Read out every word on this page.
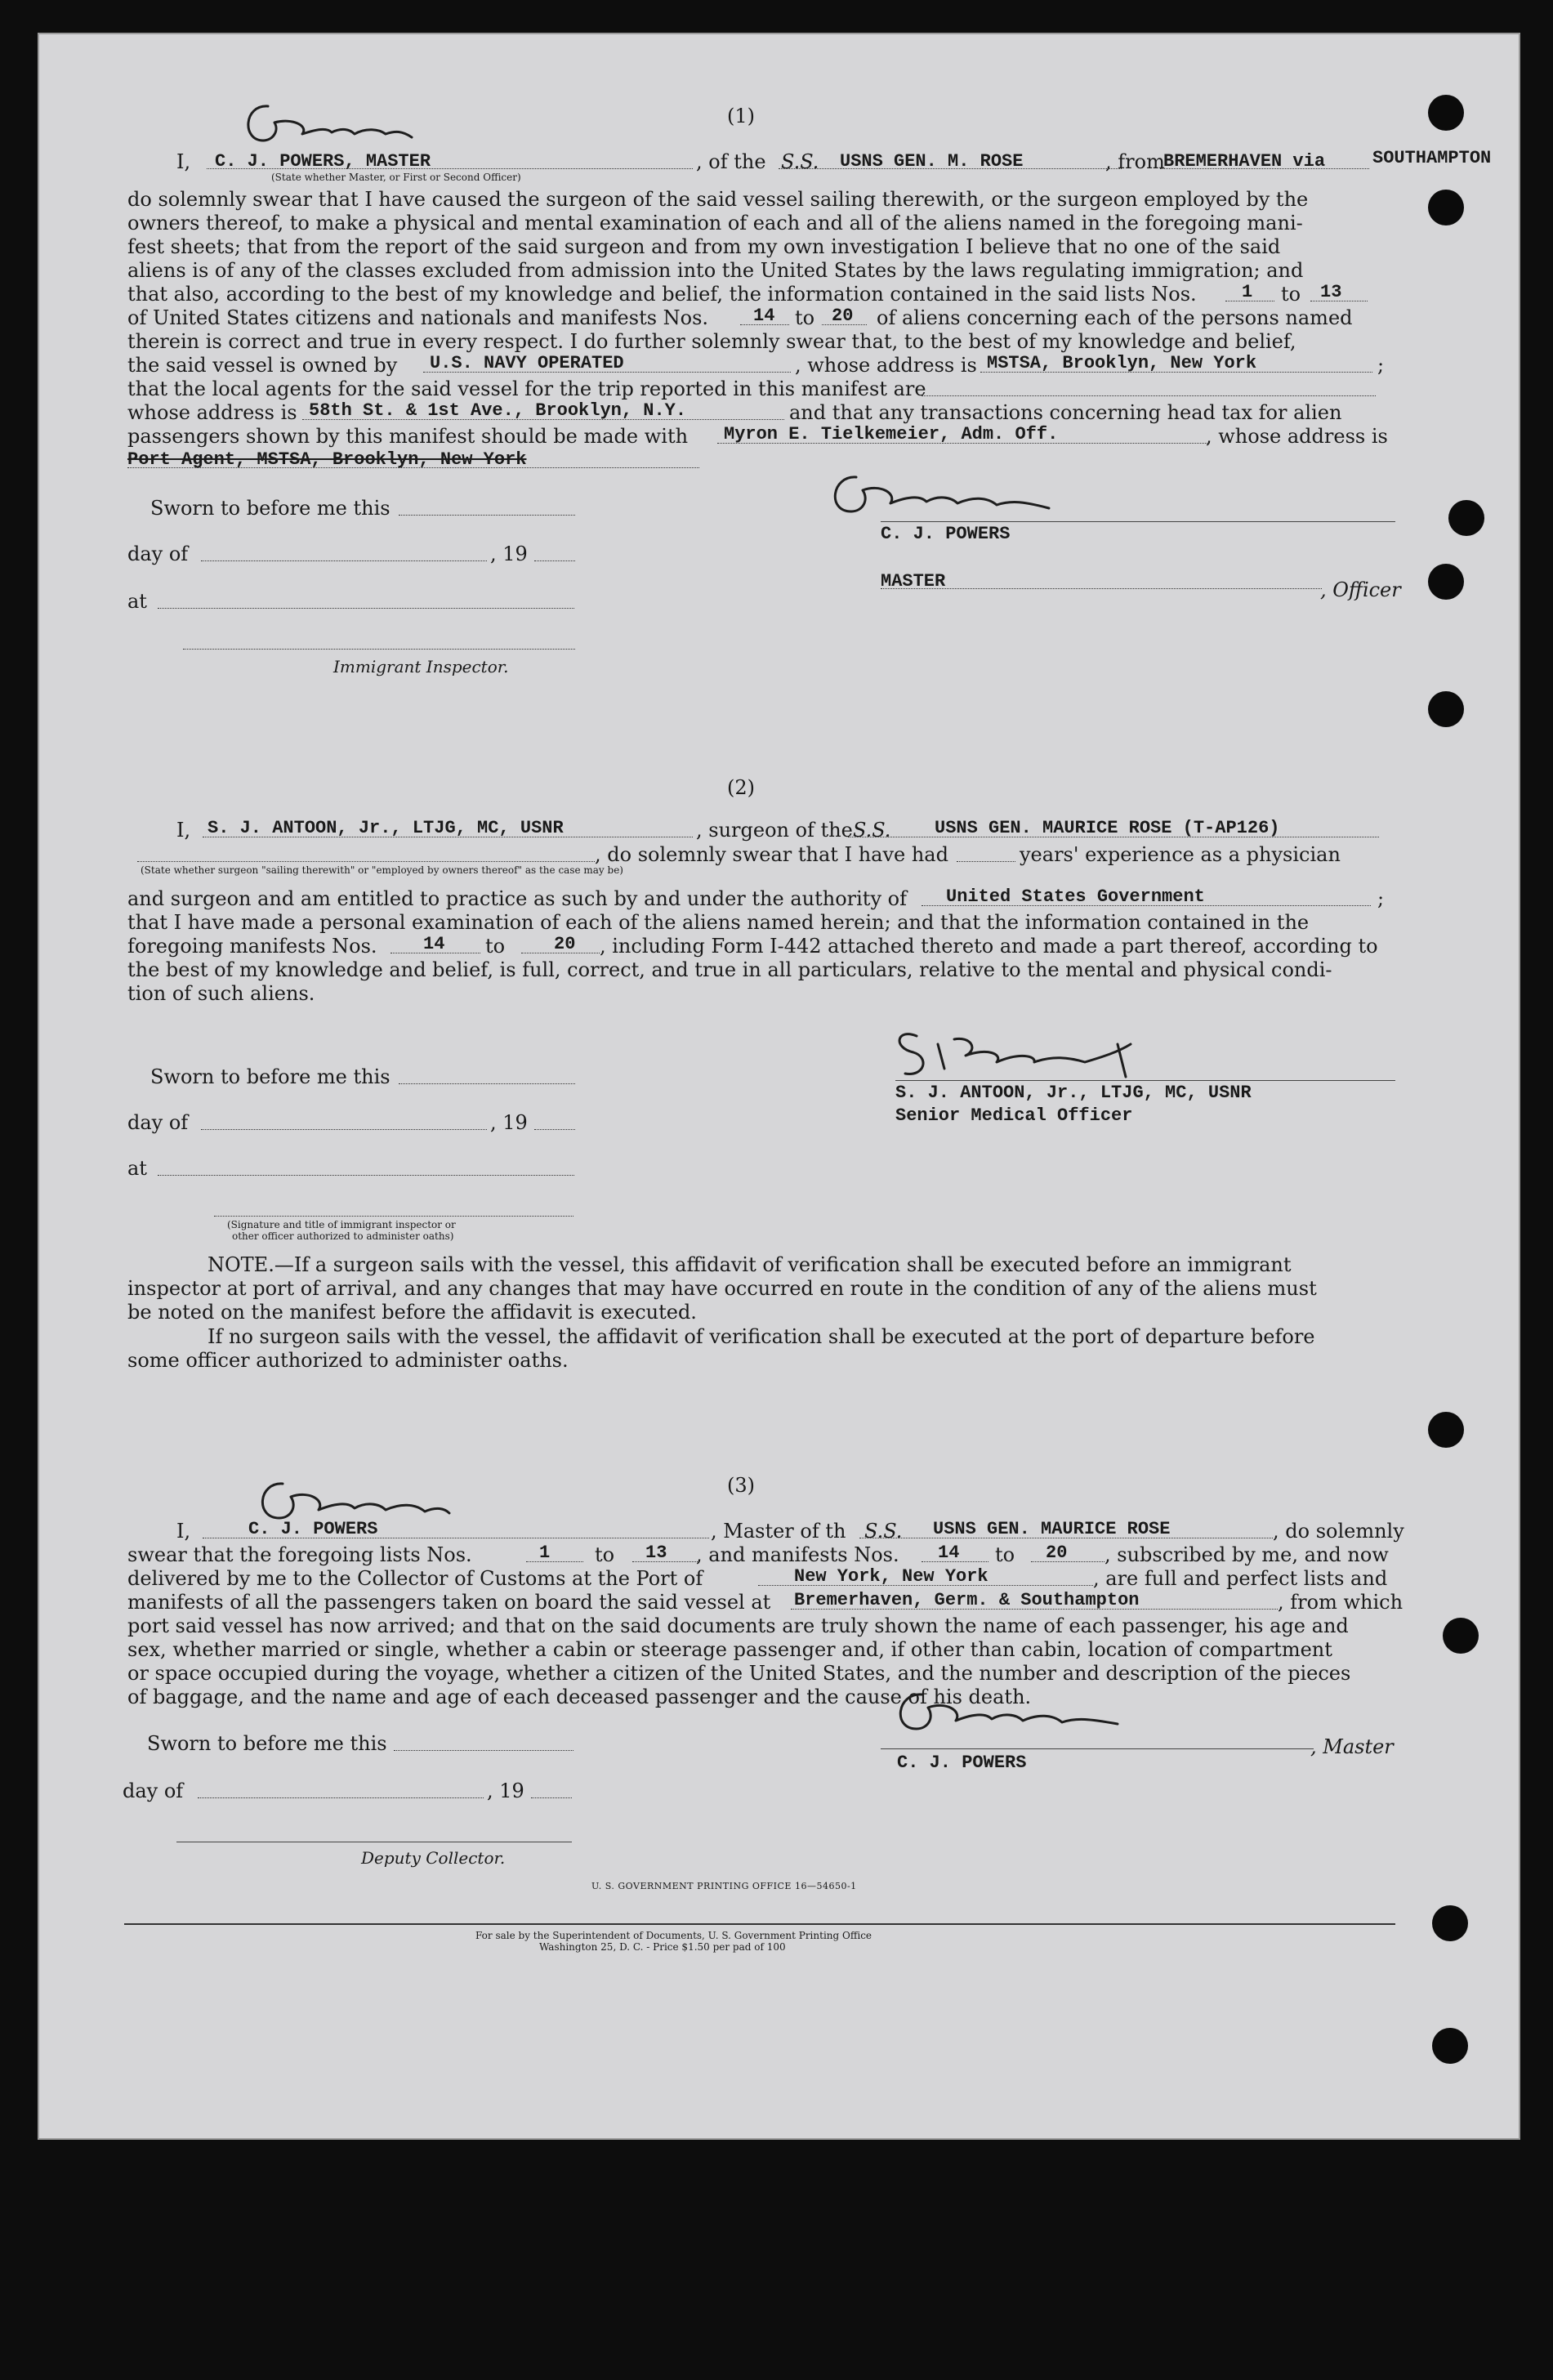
(1)
I, C. J. POWERS, MASTER
(State whether Master, or First or Second Officer)
, of the S.S. USNS GEN. M. ROSE	, from
BREMERHAVEN via	SOUTHAMPTON
do solemnly swear that I have caused the surgeon of the said vessel sailing therewith, or the surgeon employed by the
owners thereof, to make a physical and mental examination of each and all of the aliens named in the foregoing mani-
fest sheets; that from the report of the said surgeon and from my own investigation I believe that no one of the said
aliens is of any of the classes excluded from admission into the United States by the laws regulating immigration; and
that also, according to the best of my knowledge and belief, the information contained in the said lists Nos.	1 to 13
of United States citizens and nationals and manifests Nos. 14 to 20 of aliens concerning each of the persons named
therein is correct and true in every respect. I do further solemnly swear that, to the best of my knowledge and belief,
the said vessel is owned by U.S. NAVY OPERATED	, whose address is MSTSA, Brooklyn, New York	;
that the local agents for the said vessel for the trip reported in this manifest are
whose address is 58th St. & 1st Ave., Brooklyn, N.Y.	and that any transactions concerning head tax for alien
passengers shown by this manifest should be made with Myron E. Tielkemeier, Adm. Off.	, whose address is
Port Agent, MSTSA, Brooklyn, New York
Sworn to before me this
C. J. POWERS
day of	, 19
MASTER	, Officer
at
Immigrant Inspector.
(2)
I, S. J. ANTOON, Jr., LTJG, MC, USNR	, surgeon of the S.S. USNS GEN. MAURICE ROSE (T-AP126)
, do solemnly swear that I have had	years' experience as a physician
(State whether surgeon "sailing therewith" or "employed by owners thereof" as the case may be)
and surgeon and am entitled to practice as such by and under the authority of United States Government	;
that I have made a personal examination of each of the aliens named herein; and that the information contained in the
foregoing manifests Nos.	14 to	20 , including Form I-442 attached thereto and made a part thereof, according to
the best of my knowledge and belief, is full, correct, and true in all particulars, relative to the mental and physical condi-
tion of such aliens.
Sworn to before me this
S. J. ANTOON, Jr., LTJG, MC, USNR
day of	, 19	Senior Medical Officer
at
(Signature and title of immigrant inspector or
other officer authorized to administer oaths)
NOTE.—If a surgeon sails with the vessel, this affidavit of verification shall be executed before an immigrant
inspector at port of arrival, and any changes that may have occurred en route in the condition of any of the aliens must
be noted on the manifest before the affidavit is executed.
If no surgeon sails with the vessel, the affidavit of verification shall be executed at the port of departure before
some officer authorized to administer oaths.
(3)
I,	C. J. POWERS	, Master of th S.S. USNS GEN. MAURICE ROSE	, do solemnly
swear that the foregoing lists Nos.	1 to 13 , and manifests Nos. 14 to 20 , subscribed by me, and now
delivered by me to the Collector of Customs at the Port of	New York, New York	, are full and perfect lists and
manifests of all the passengers taken on board the said vessel at Bremerhaven, Germ. & Southampton	, from which
port said vessel has now arrived; and that on the said documents are truly shown the name of each passenger, his age and
sex, whether married or single, whether a cabin or steerage passenger and, if other than cabin, location of compartment
or space occupied during the voyage, whether a citizen of the United States, and the number and description of the pieces
of baggage, and the name and age of each deceased passenger and the cause of his death.
Sworn to before me this	, Master
C. J. POWERS
day of	, 19
Deputy Collector.
U. S. GOVERNMENT PRINTING OFFICE 16—54650-1
For sale by the Superintendent of Documents, U. S. Government Printing Office
Washington 25, D. C. - Price $1.50 per pad of 100
